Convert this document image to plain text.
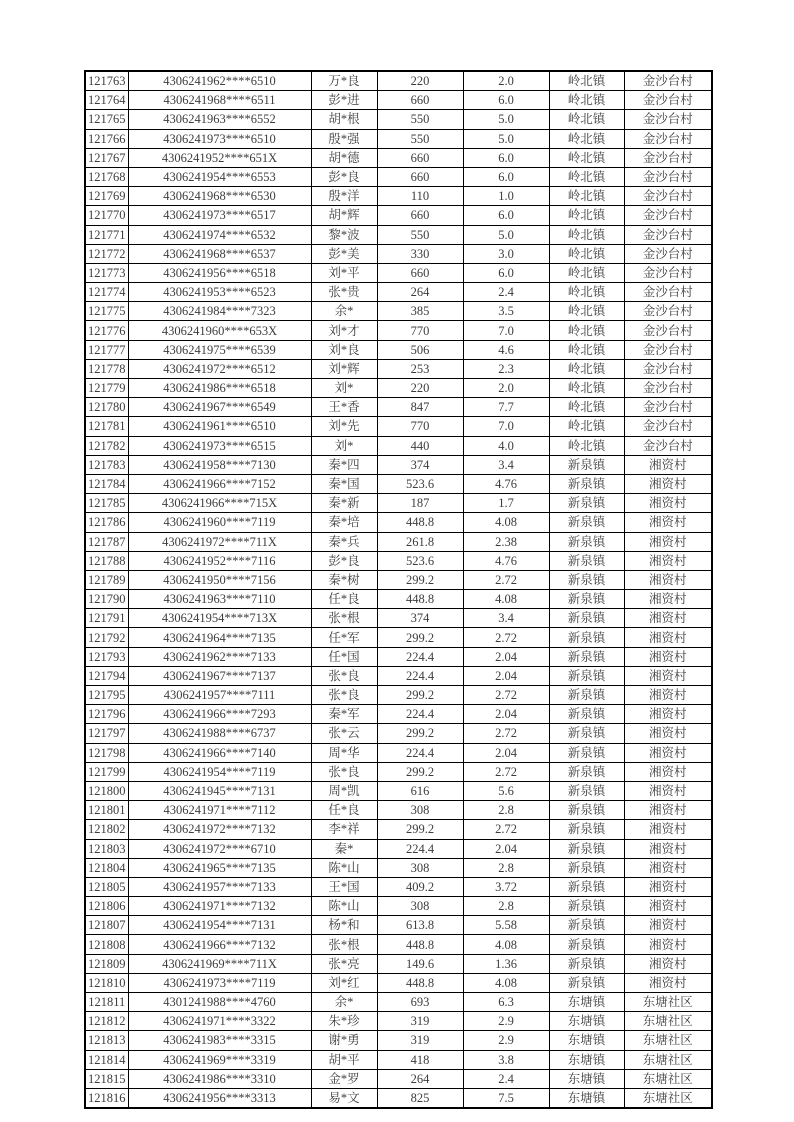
121763	4306241962****6510	万*良	220	2.0	岭北镇	金沙台村
121764	4306241968****6511	彭*进	660	6.0	岭北镇	金沙台村
121765	4306241963****6552	胡*根	550	5.0	岭北镇	金沙台村
121766	4306241973****6510	殷*强	550	5.0	岭北镇	金沙台村
121767	4306241952****651X	胡*德	660	6.0	岭北镇	金沙台村
121768	4306241954****6553	彭*良	660	6.0	岭北镇	金沙台村
121769	4306241968****6530	殷*洋	110	1.0	岭北镇	金沙台村
121770	4306241973****6517	胡*辉	660	6.0	岭北镇	金沙台村
121771	4306241974****6532	黎*波	550	5.0	岭北镇	金沙台村
121772	4306241968****6537	彭*美	330	3.0	岭北镇	金沙台村
121773	4306241956****6518	刘*平	660	6.0	岭北镇	金沙台村
121774	4306241953****6523	张*贵	264	2.4	岭北镇	金沙台村
121775	4306241984****7323	余*	385	3.5	岭北镇	金沙台村
121776	4306241960****653X	刘*才	770	7.0	岭北镇	金沙台村
121777	4306241975****6539	刘*良	506	4.6	岭北镇	金沙台村
121778	4306241972****6512	刘*辉	253	2.3	岭北镇	金沙台村
121779	4306241986****6518	刘*	220	2.0	岭北镇	金沙台村
121780	4306241967****6549	王*香	847	7.7	岭北镇	金沙台村
121781	4306241961****6510	刘*先	770	7.0	岭北镇	金沙台村
121782	4306241973****6515	刘*	440	4.0	岭北镇	金沙台村
121783	4306241958****7130	秦*四	374	3.4	新泉镇	湘资村
121784	4306241966****7152	秦*国	523.6	4.76	新泉镇	湘资村
121785	4306241966****715X	秦*新	187	1.7	新泉镇	湘资村
121786	4306241960****7119	秦*培	448.8	4.08	新泉镇	湘资村
121787	4306241972****711X	秦*兵	261.8	2.38	新泉镇	湘资村
121788	4306241952****7116	彭*良	523.6	4.76	新泉镇	湘资村
121789	4306241950****7156	秦*树	299.2	2.72	新泉镇	湘资村
121790	4306241963****7110	任*良	448.8	4.08	新泉镇	湘资村
121791	4306241954****713X	张*根	374	3.4	新泉镇	湘资村
121792	4306241964****7135	任*军	299.2	2.72	新泉镇	湘资村
121793	4306241962****7133	任*国	224.4	2.04	新泉镇	湘资村
121794	4306241967****7137	张*良	224.4	2.04	新泉镇	湘资村
121795	4306241957****7111	张*良	299.2	2.72	新泉镇	湘资村
121796	4306241966****7293	秦*军	224.4	2.04	新泉镇	湘资村
121797	4306241988****6737	张*云	299.2	2.72	新泉镇	湘资村
121798	4306241966****7140	周*华	224.4	2.04	新泉镇	湘资村
121799	4306241954****7119	张*良	299.2	2.72	新泉镇	湘资村
121800	4306241945****7131	周*凯	616	5.6	新泉镇	湘资村
121801	4306241971****7112	任*良	308	2.8	新泉镇	湘资村
121802	4306241972****7132	李*祥	299.2	2.72	新泉镇	湘资村
121803	4306241972****6710	秦*	224.4	2.04	新泉镇	湘资村
121804	4306241965****7135	陈*山	308	2.8	新泉镇	湘资村
121805	4306241957****7133	王*国	409.2	3.72	新泉镇	湘资村
121806	4306241971****7132	陈*山	308	2.8	新泉镇	湘资村
121807	4306241954****7131	杨*和	613.8	5.58	新泉镇	湘资村
121808	4306241966****7132	张*根	448.8	4.08	新泉镇	湘资村
121809	4306241969****711X	张*亮	149.6	1.36	新泉镇	湘资村
121810	4306241973****7119	刘*红	448.8	4.08	新泉镇	湘资村
121811	4301241988****4760	余*	693	6.3	东塘镇	东塘社区
121812	4306241971****3322	朱*珍	319	2.9	东塘镇	东塘社区
121813	4306241983****3315	谢*勇	319	2.9	东塘镇	东塘社区
121814	4306241969****3319	胡*平	418	3.8	东塘镇	东塘社区
121815	4306241986****3310	金*罗	264	2.4	东塘镇	东塘社区
121816	4306241956****3313	易*文	825	7.5	东塘镇	东塘社区
